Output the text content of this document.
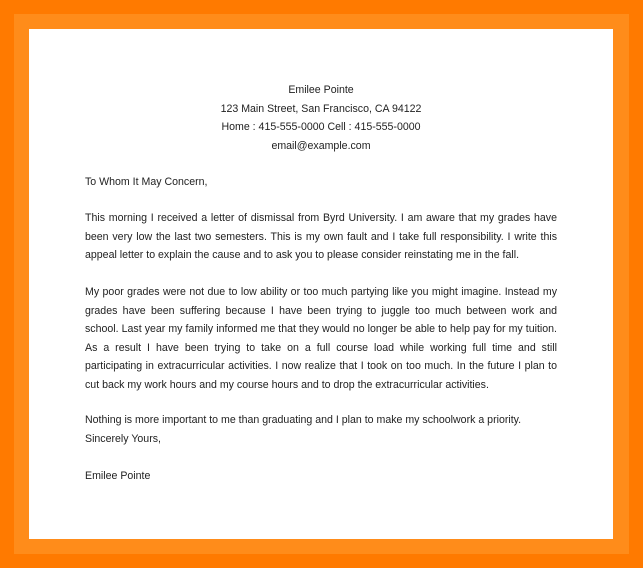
Emilee Pointe
123 Main Street, San Francisco, CA 94122
Home : 415-555-0000 Cell : 415-555-0000
email@example.com
To Whom It May Concern,
This morning I received a letter of dismissal from Byrd University. I am aware that my grades have been very low the last two semesters. This is my own fault and I take full responsibility. I write this appeal letter to explain the cause and to ask you to please consider reinstating me in the fall.
My poor grades were not due to low ability or too much partying like you might imagine. Instead my grades have been suffering because I have been trying to juggle too much between work and school. Last year my family informed me that they would no longer be able to help pay for my tuition. As a result I have been trying to take on a full course load while working full time and still participating in extracurricular activities. I now realize that I took on too much. In the future I plan to cut back my work hours and my course hours and to drop the extracurricular activities.
Nothing is more important to me than graduating and I plan to make my schoolwork a priority.
Sincerely Yours,
Emilee Pointe
